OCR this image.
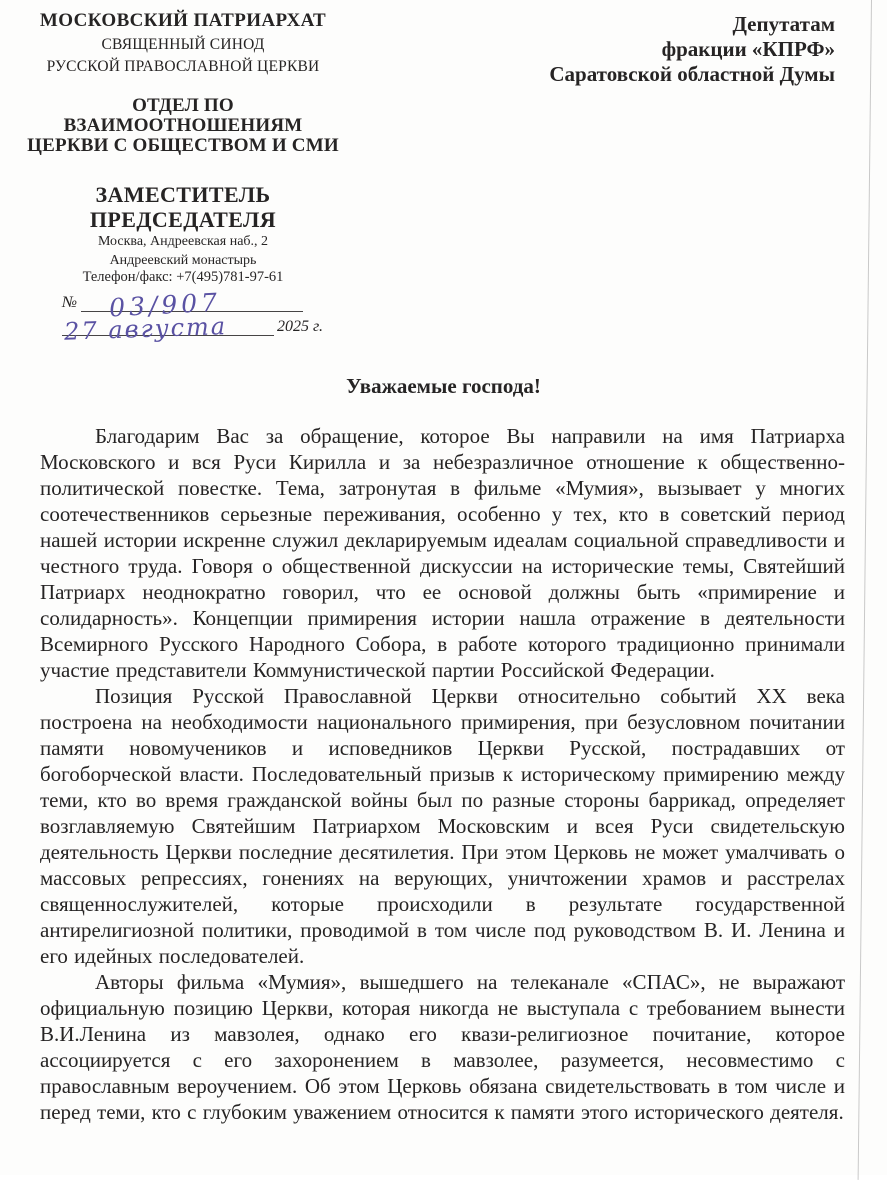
МОСКОВСКИЙ ПАТРИАРХАТ
СВЯЩЕННЫЙ СИНОД
РУССКОЙ ПРАВОСЛАВНОЙ ЦЕРКВИ
ОТДЕЛ ПО ВЗАИМООТНОШЕНИЯМ
ЦЕРКВИ С ОБЩЕСТВОМ И СМИ
ЗАМЕСТИТЕЛЬ
ПРЕДСЕДАТЕЛЯ
Москва, Андреевская наб., 2
Андреевский монастырь
Телефон/факс: +7(495)781-97-61
№ 03/907
27 августа	2025 г.
Депутатам
фракции «КПРФ»
Саратовской областной Думы
Уважаемые господа!

Благодарим Вас за обращение, которое Вы направили на имя Патриарха Московского и вся Руси Кирилла и за небезразличное отношение к общественно-политической повестке. Тема, затронутая в фильме «Мумия», вызывает у многих соотечественников серьезные переживания, особенно у тех, кто в советский период нашей истории искренне служил декларируемым идеалам социальной справедливости и честного труда. Говоря о общественной дискуссии на исторические темы, Святейший Патриарх неоднократно говорил, что ее основой должны быть «примирение и солидарность». Концепции примирения истории нашла отражение в деятельности Всемирного Русского Народного Собора, в работе которого традиционно принимали участие представители Коммунистической партии Российской Федерации.

Позиция Русской Православной Церкви относительно событий XX века построена на необходимости национального примирения, при безусловном почитании памяти новомучеников и исповедников Церкви Русской, пострадавших от богоборческой власти. Последовательный призыв к историческому примирению между теми, кто во время гражданской войны был по разные стороны баррикад, определяет возглавляемую Святейшим Патриархом Московским и всея Руси свидетельскую деятельность Церкви последние десятилетия. При этом Церковь не может умалчивать о массовых репрессиях, гонениях на верующих, уничтожении храмов и расстрелах священнослужителей, которые происходили в результате государственной антирелигиозной политики, проводимой в том числе под руководством В. И. Ленина и его идейных последователей.

Авторы фильма «Мумия», вышедшего на телеканале «СПАС», не выражают официальную позицию Церкви, которая никогда не выступала с требованием вынести В.И.Ленина из мавзолея, однако его квази-религиозное почитание, которое ассоциируется с его захоронением в мавзолее, разумеется, несовместимо с православным вероучением. Об этом Церковь обязана свидетельствовать в том числе и перед теми, кто с глубоким уважением относится к памяти этого исторического деятеля.
